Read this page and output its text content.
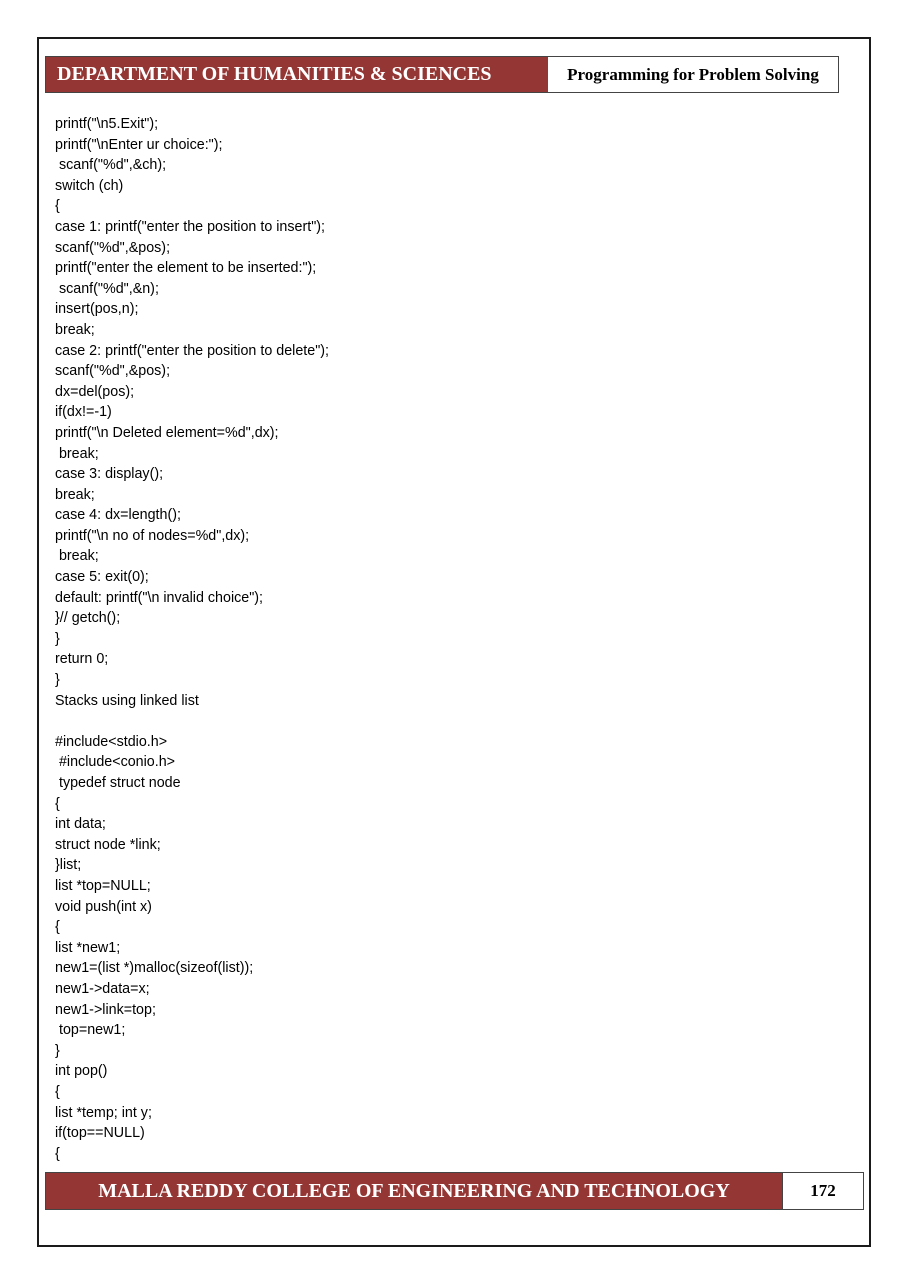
DEPARTMENT OF HUMANITIES & SCIENCES	Programming for Problem Solving
printf("\n5.Exit");
printf("\nEnter ur choice:");
scanf("%d",&ch);
switch (ch)
{
case 1: printf("enter the position to insert");
scanf("%d",&pos);
printf("enter the element to be inserted:");
scanf("%d",&n);
insert(pos,n);
break;
case 2: printf("enter the position to delete");
scanf("%d",&pos);
dx=del(pos);
if(dx!=-1)
printf("\n Deleted element=%d",dx);
break;
case 3: display();
break;
case 4: dx=length();
printf("\n no of nodes=%d",dx);
break;
case 5: exit(0);
default: printf("\n invalid choice");
}// getch();
}
return 0;
}
Stacks using linked list
#include<stdio.h>
#include<conio.h>
typedef struct node
{
int data;
struct node *link;
}list;
list *top=NULL;
void push(int x)
{
list *new1;
new1=(list *)malloc(sizeof(list));
new1->data=x;
new1->link=top;
top=new1;
}
int pop()
{
list *temp; int y;
if(top==NULL)
{
MALLA REDDY COLLEGE OF ENGINEERING AND TECHNOLOGY	172
